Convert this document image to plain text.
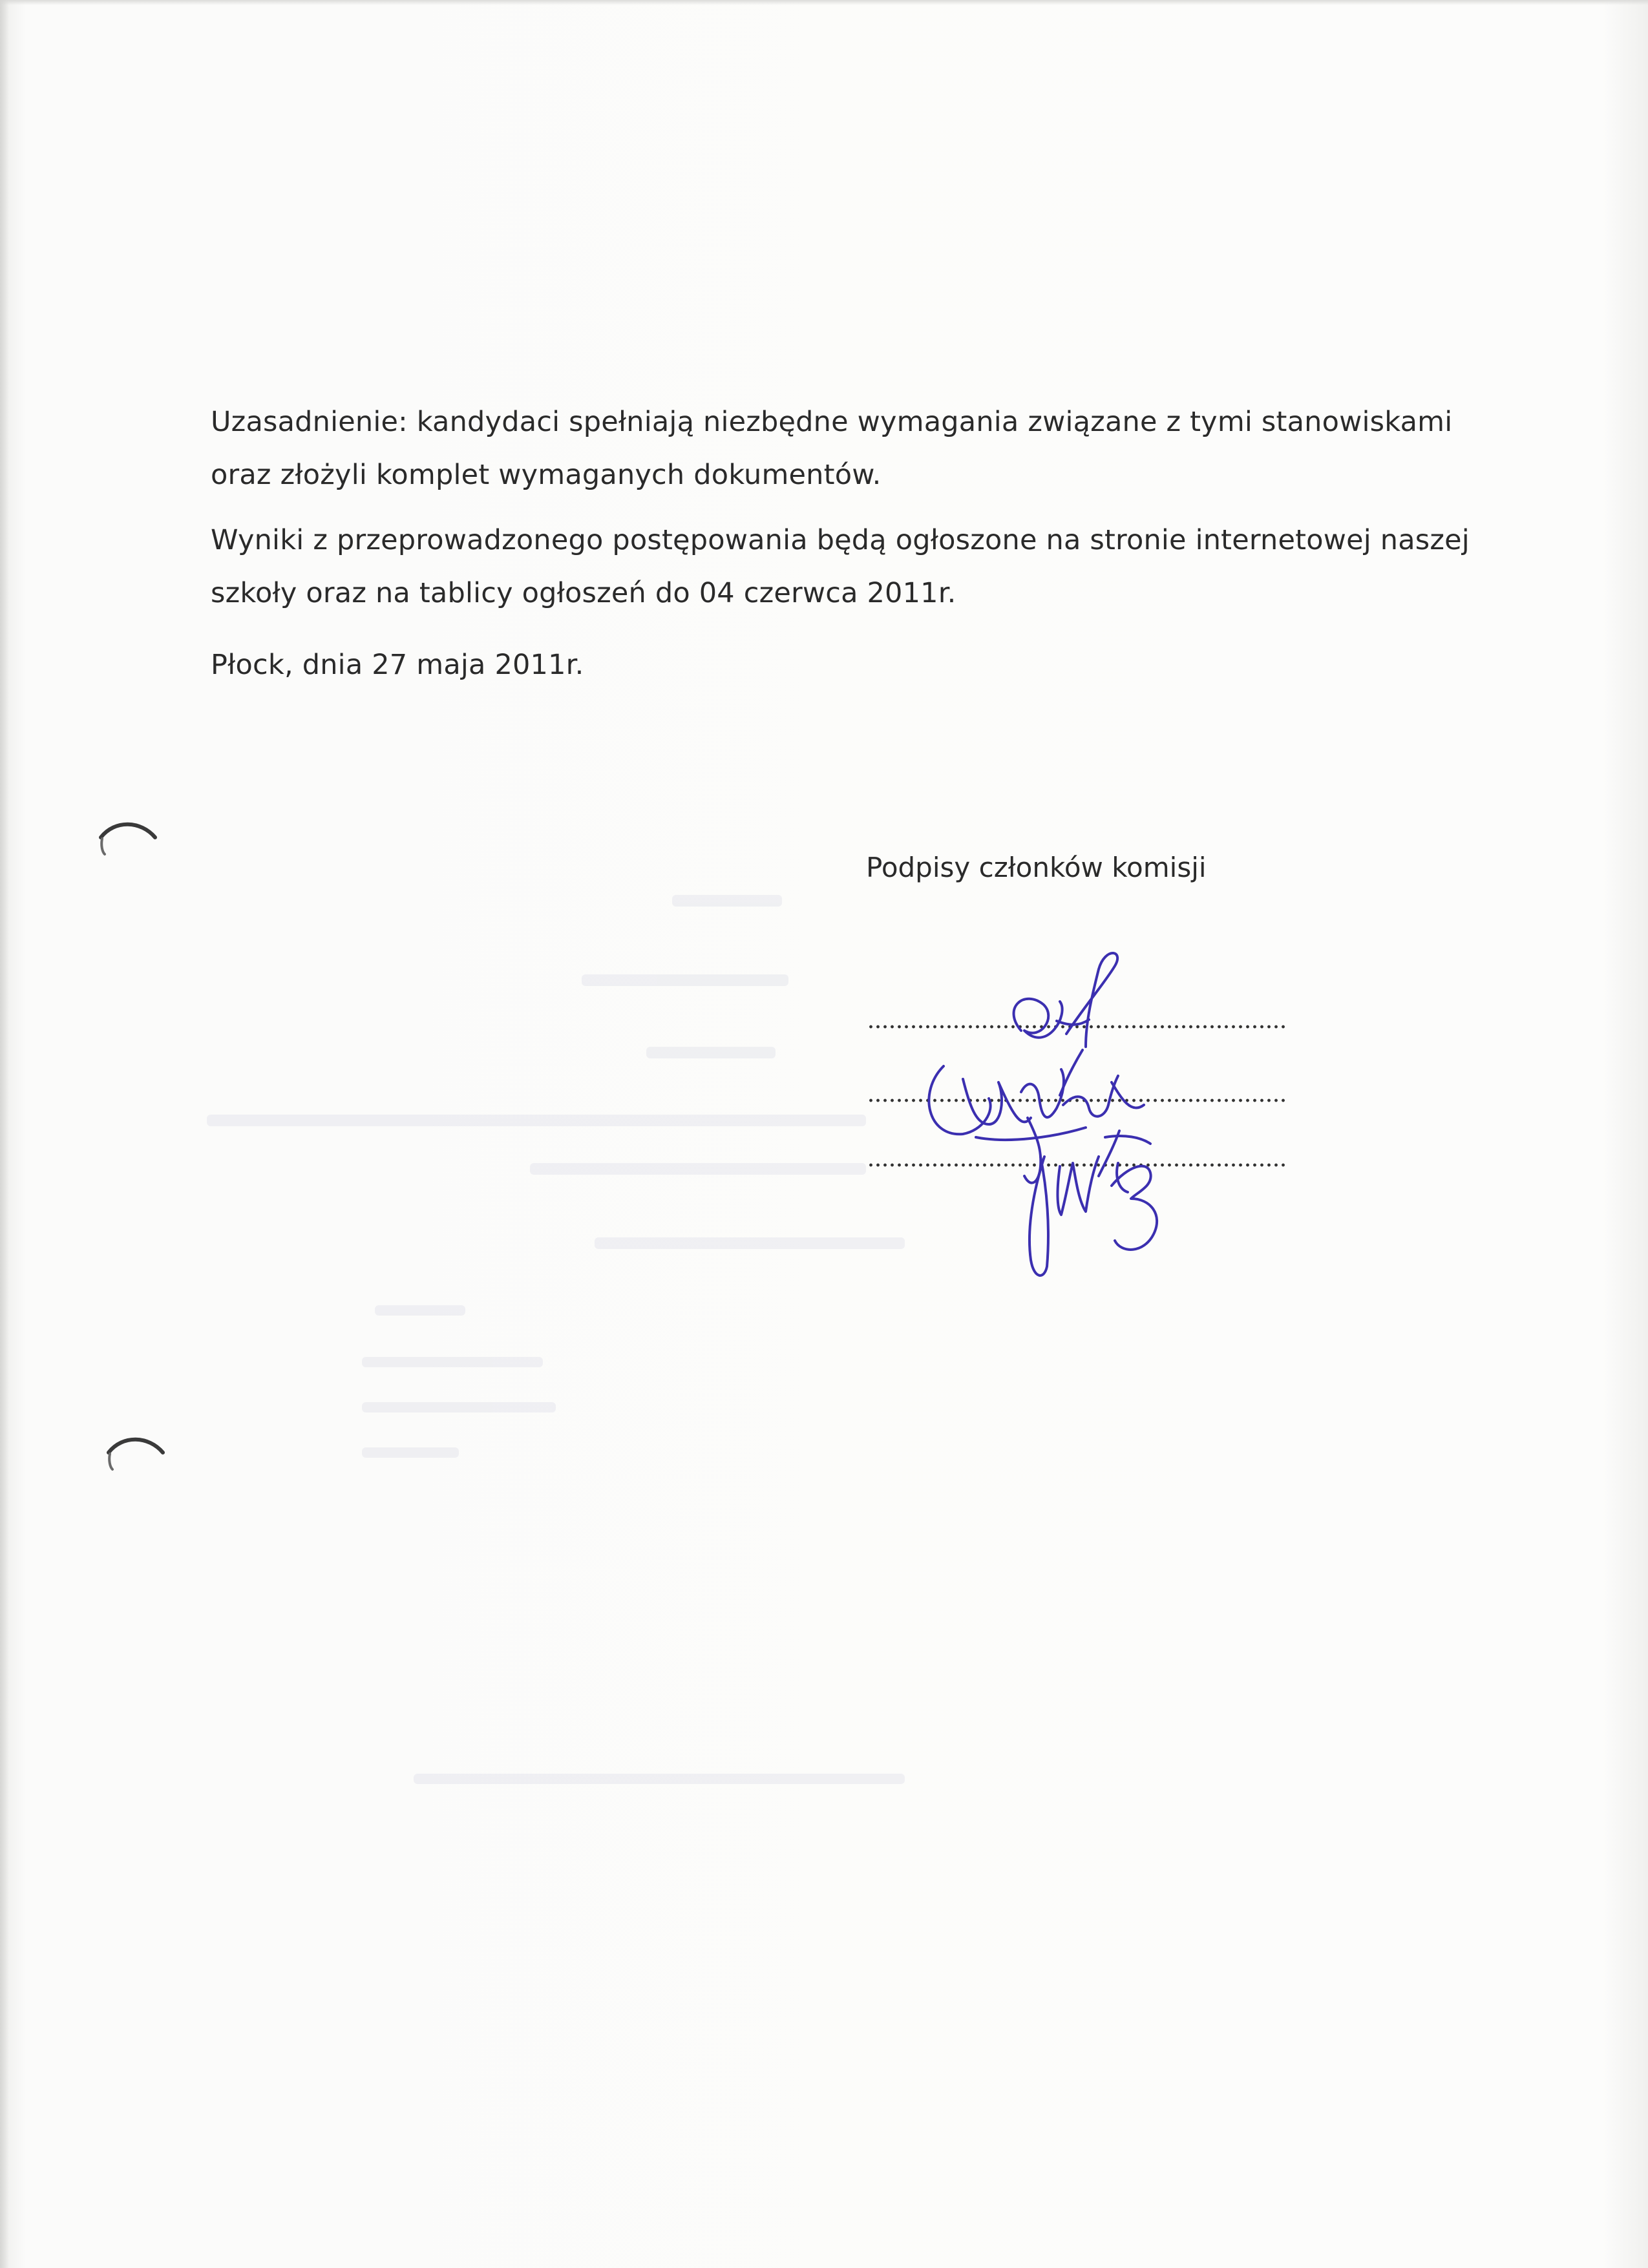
Uzasadnienie: kandydaci spełniają niezbędne wymagania związane z tymi stanowiskami oraz złożyli komplet wymaganych dokumentów.

Wyniki z przeprowadzonego postępowania będą ogłoszone na stronie internetowej naszej szkoły oraz na tablicy ogłoszeń do 04 czerwca 2011r.

Płock, dnia 27 maja 2011r.

Podpisy członków komisji
